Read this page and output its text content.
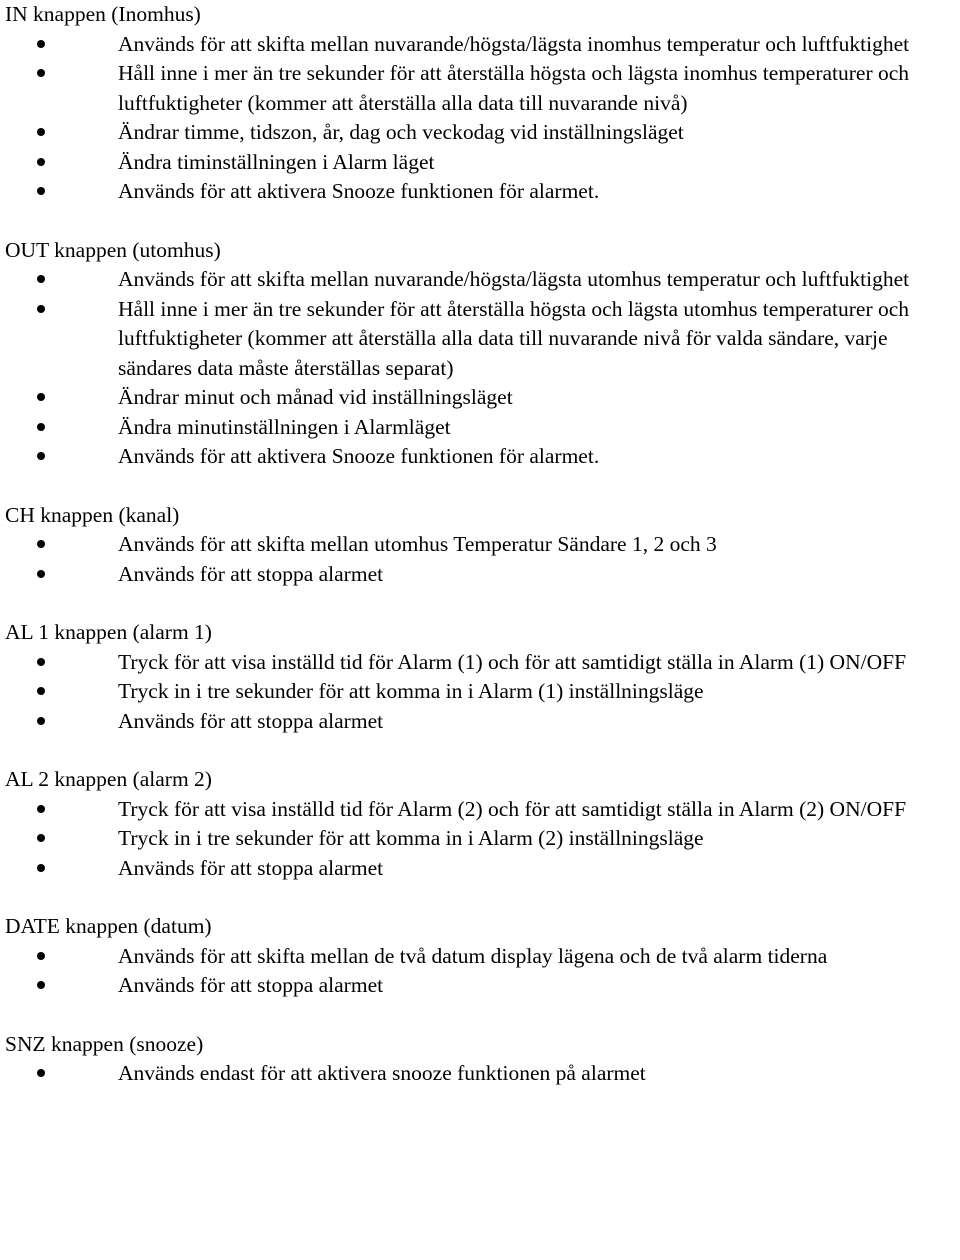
IN knappen (Inomhus)
Används för att skifta mellan nuvarande/högsta/lägsta inomhus temperatur och luftfuktighet
Håll inne i mer än tre sekunder för att återställa högsta och lägsta inomhus temperaturer och luftfuktigheter (kommer att återställa alla data till nuvarande nivå)
Ändrar timme, tidszon, år, dag och veckodag vid inställningsläget
Ändra timinställningen i Alarm läget
Används för att aktivera Snooze funktionen för alarmet.
OUT knappen (utomhus)
Används för att skifta mellan nuvarande/högsta/lägsta utomhus temperatur och luftfuktighet
Håll inne i mer än tre sekunder för att återställa högsta och lägsta utomhus temperaturer och luftfuktigheter (kommer att återställa alla data till nuvarande nivå för valda sändare, varje sändares data måste återställas separat)
Ändrar minut och månad vid inställningsläget
Ändra minutinställningen i Alarmläget
Används för att aktivera Snooze funktionen för alarmet.
CH knappen (kanal)
Används för att skifta mellan utomhus Temperatur Sändare 1, 2 och 3
Används för att stoppa alarmet
AL 1 knappen (alarm 1)
Tryck för att visa inställd tid för Alarm (1) och för att samtidigt ställa in Alarm (1) ON/OFF
Tryck in i tre sekunder för att komma in i Alarm (1) inställningsläge
Används för att stoppa alarmet
AL 2 knappen (alarm 2)
Tryck för att visa inställd tid för Alarm (2) och för att samtidigt ställa in Alarm (2) ON/OFF
Tryck in i tre sekunder för att komma in i Alarm (2) inställningsläge
Används för att stoppa alarmet
DATE knappen (datum)
Används för att skifta mellan de två datum display lägena och de två alarm tiderna
Används för att stoppa alarmet
SNZ knappen (snooze)
Används endast för att aktivera snooze funktionen på alarmet
